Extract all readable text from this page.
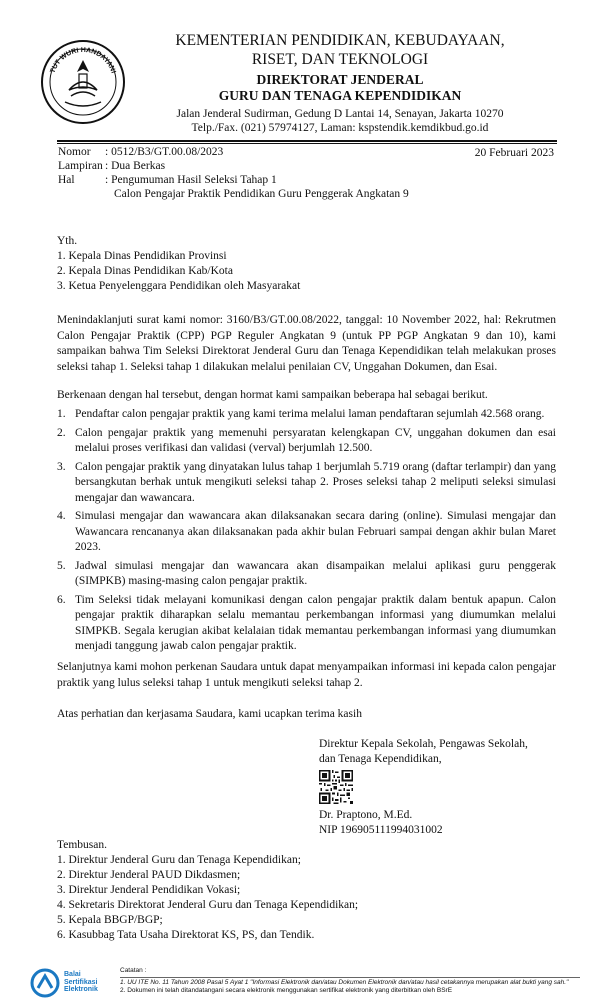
TUT WURI HANDAYANI
KEMENTERIAN PENDIDIKAN, KEBUDAYAAN,
RISET, DAN TEKNOLOGI
DIREKTORAT JENDERAL
GURU DAN TENAGA KEPENDIDIKAN
Jalan Jenderal Sudirman, Gedung D Lantai 14, Senayan, Jakarta 10270
Telp./Fax. (021) 57974127, Laman: kspstendik.kemdikbud.go.id
Nomor : 0512/B3/GT.00.08/2023	20 Februari 2023
Lampiran : Dua Berkas
Hal	: Pengumuman Hasil Seleksi Tahap 1
Calon Pengajar Praktik Pendidikan Guru Penggerak Angkatan 9
Yth.
1. Kepala Dinas Pendidikan Provinsi
2. Kepala Dinas Pendidikan Kab/Kota
3. Ketua Penyelenggara Pendidikan oleh Masyarakat
Menindaklanjuti surat kami nomor: 3160/B3/GT.00.08/2022, tanggal: 10 November 2022, hal: Rekrutmen Calon Pengajar Praktik (CPP) PGP Reguler Angkatan 9 (untuk PP PGP Angkatan 9 dan 10), kami sampaikan bahwa Tim Seleksi Direktorat Jenderal Guru dan Tenaga Kependidikan telah melakukan proses seleksi tahap 1. Seleksi tahap 1 dilakukan melalui penilaian CV, Unggahan Dokumen, dan Esai.
Berkenaan dengan hal tersebut, dengan hormat kami sampaikan beberapa hal sebagai berikut.
1. Pendaftar calon pengajar praktik yang kami terima melalui laman pendaftaran sejumlah 42.568 orang.
2. Calon pengajar praktik yang memenuhi persyaratan kelengkapan CV, unggahan dokumen dan esai melalui proses verifikasi dan validasi (verval) berjumlah 12.500.
3. Calon pengajar praktik yang dinyatakan lulus tahap 1 berjumlah 5.719 orang (daftar terlampir) dan yang bersangkutan berhak untuk mengikuti seleksi tahap 2. Proses seleksi tahap 2 meliputi seleksi simulasi mengajar dan wawancara.
4. Simulasi mengajar dan wawancara akan dilaksanakan secara daring (online). Simulasi mengajar dan Wawancara rencananya akan dilaksanakan pada akhir bulan Februari sampai dengan akhir bulan Maret 2023.
5. Jadwal simulasi mengajar dan wawancara akan disampaikan melalui aplikasi guru penggerak (SIMPKB) masing-masing calon pengajar praktik.
6. Tim Seleksi tidak melayani komunikasi dengan calon pengajar praktik dalam bentuk apapun. Calon pengajar praktik diharapkan selalu memantau perkembangan informasi yang diumumkan melalui SIMPKB. Segala kerugian akibat kelalaian tidak memantau perkembangan informasi yang diumumkan menjadi tanggung jawab calon pengajar praktik.
Selanjutnya kami mohon perkenan Saudara untuk dapat menyampaikan informasi ini kepada calon pengajar praktik yang lulus seleksi tahap 1 untuk mengikuti seleksi tahap 2.
Atas perhatian dan kerjasama Saudara, kami ucapkan terima kasih
Direktur Kepala Sekolah, Pengawas Sekolah,
dan Tenaga Kependidikan,
Dr. Praptono, M.Ed.
NIP 196905111994031002
Tembusan.
1. Direktur Jenderal Guru dan Tenaga Kependidikan;
2. Direktur Jenderal PAUD Dikdasmen;
3. Direktur Jenderal Pendidikan Vokasi;
4. Sekretaris Direktorat Jenderal Guru dan Tenaga Kependidikan;
5. Kepala BBGP/BGP;
6. Kasubbag Tata Usaha Direktorat KS, PS, dan Tendik.
Balai
Sertifikasi
Elektronik
Catatan :
1. UU ITE No. 11 Tahun 2008 Pasal 5 Ayat 1 "Informasi Elektronik dan/atau Dokumen Elektronik dan/atau hasil cetakannya merupakan alat bukti yang sah."
2. Dokumen ini telah ditandatangani secara elektronik menggunakan sertifikat elektronik yang diterbitkan oleh BSrE
